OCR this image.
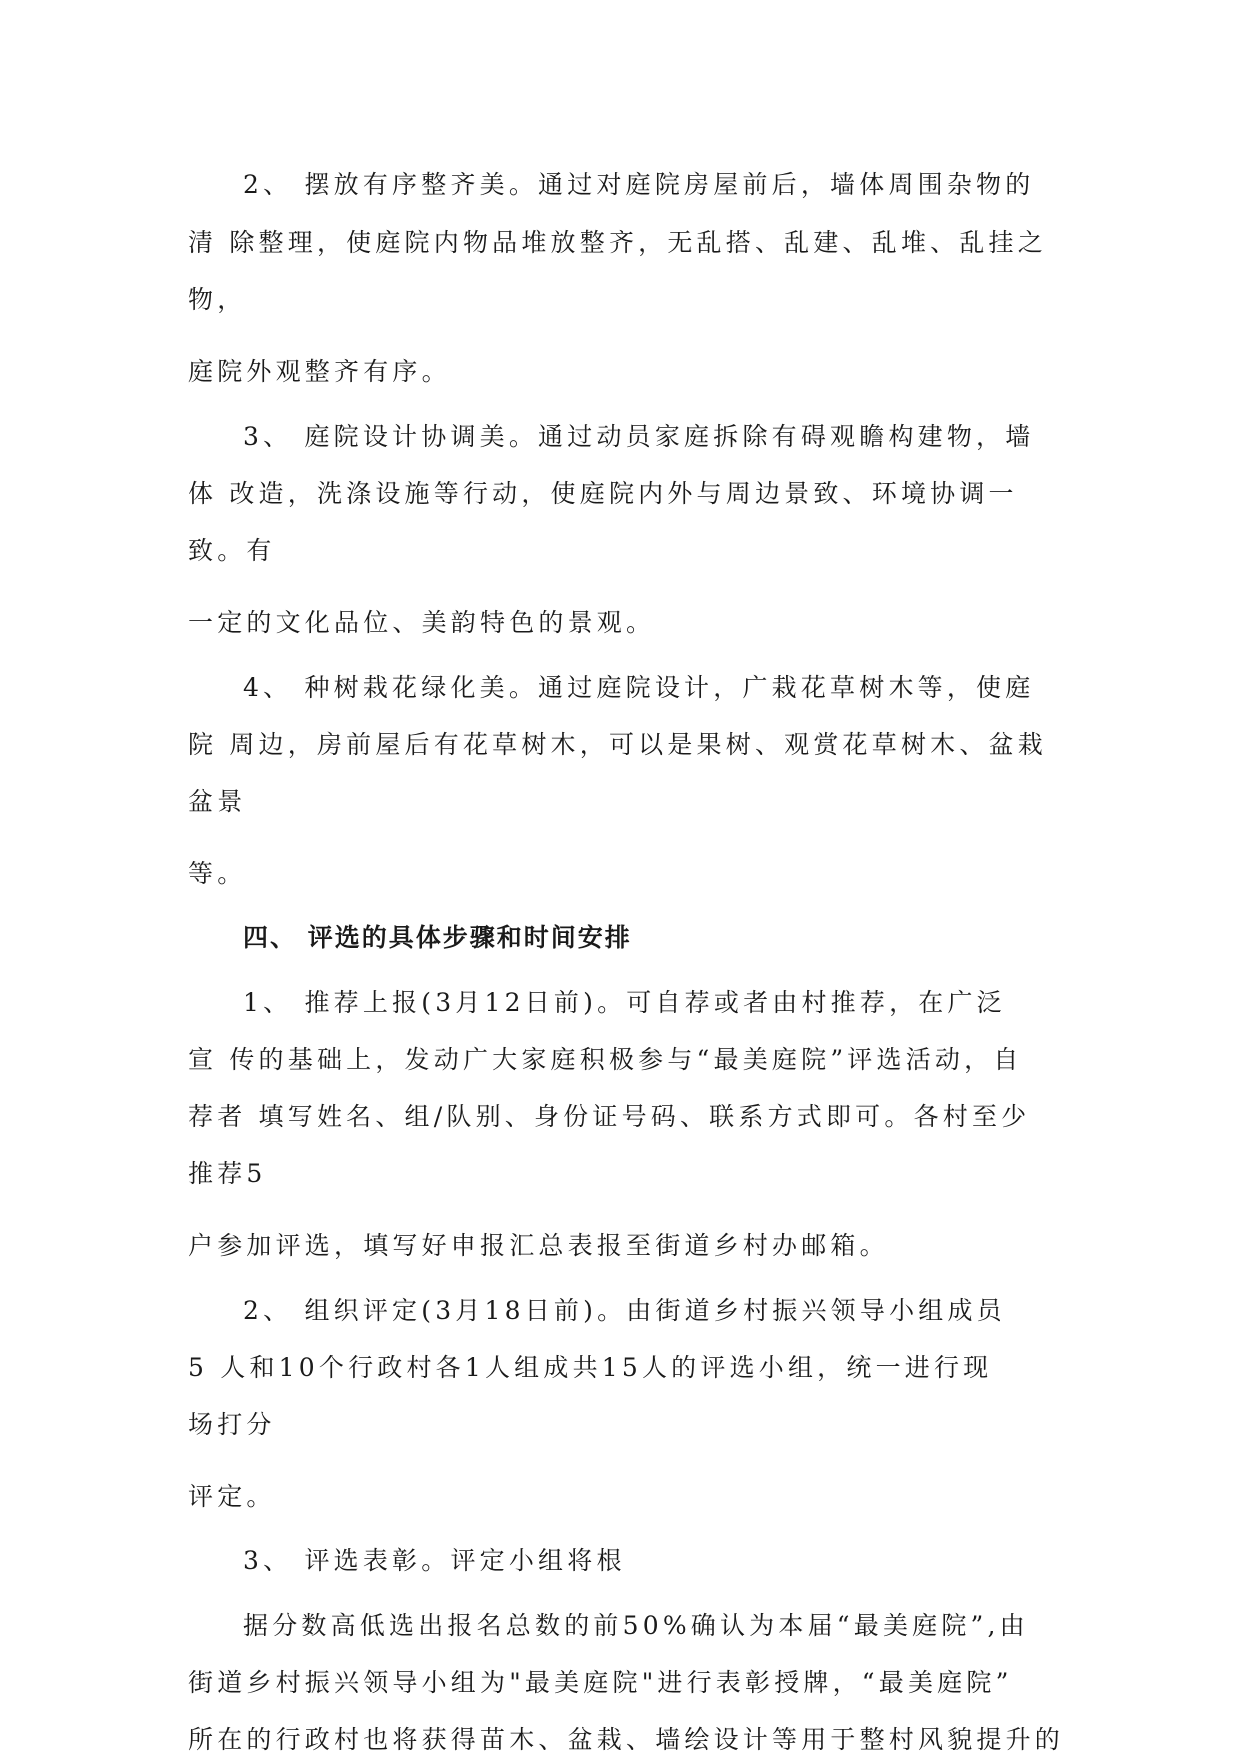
2、 摆放有序整齐美。通过对庭院房屋前后，墙体周围杂物的

清 除整理，使庭院内物品堆放整齐，无乱搭、乱建、乱堆、乱挂之

物，

庭院外观整齐有序。

3、 庭院设计协调美。通过动员家庭拆除有碍观瞻构建物，墙

体 改造，洗涤设施等行动，使庭院内外与周边景致、环境协调一

致。有

一定的文化品位、美韵特色的景观。

4、 种树栽花绿化美。通过庭院设计，广栽花草树木等，使庭

院 周边，房前屋后有花草树木，可以是果树、观赏花草树木、盆栽

盆景

等。

四、 评选的具体步骤和时间安排

1、 推荐上报(3月12日前)。可自荐或者由村推荐，在广泛

宣 传的基础上，发动广大家庭积极参与“最美庭院”评选活动，自

荐者 填写姓名、组/队别、身份证号码、联系方式即可。各村至少

推荐5

户参加评选，填写好申报汇总表报至街道乡村办邮箱。

2、 组织评定(3月18日前)。由街道乡村振兴领导小组成员

5 人和10个行政村各1人组成共15人的评选小组，统一进行现

场打分

评定。

3、 评选表彰。评定小组将根

据分数高低选出报名总数的前50%确认为本届“最美庭院”,由

街道乡村振兴领导小组为"最美庭院"进行表彰授牌，“最美庭院”

所在的行政村也将获得苗木、盆栽、墙绘设计等用于整村风貌提升的
